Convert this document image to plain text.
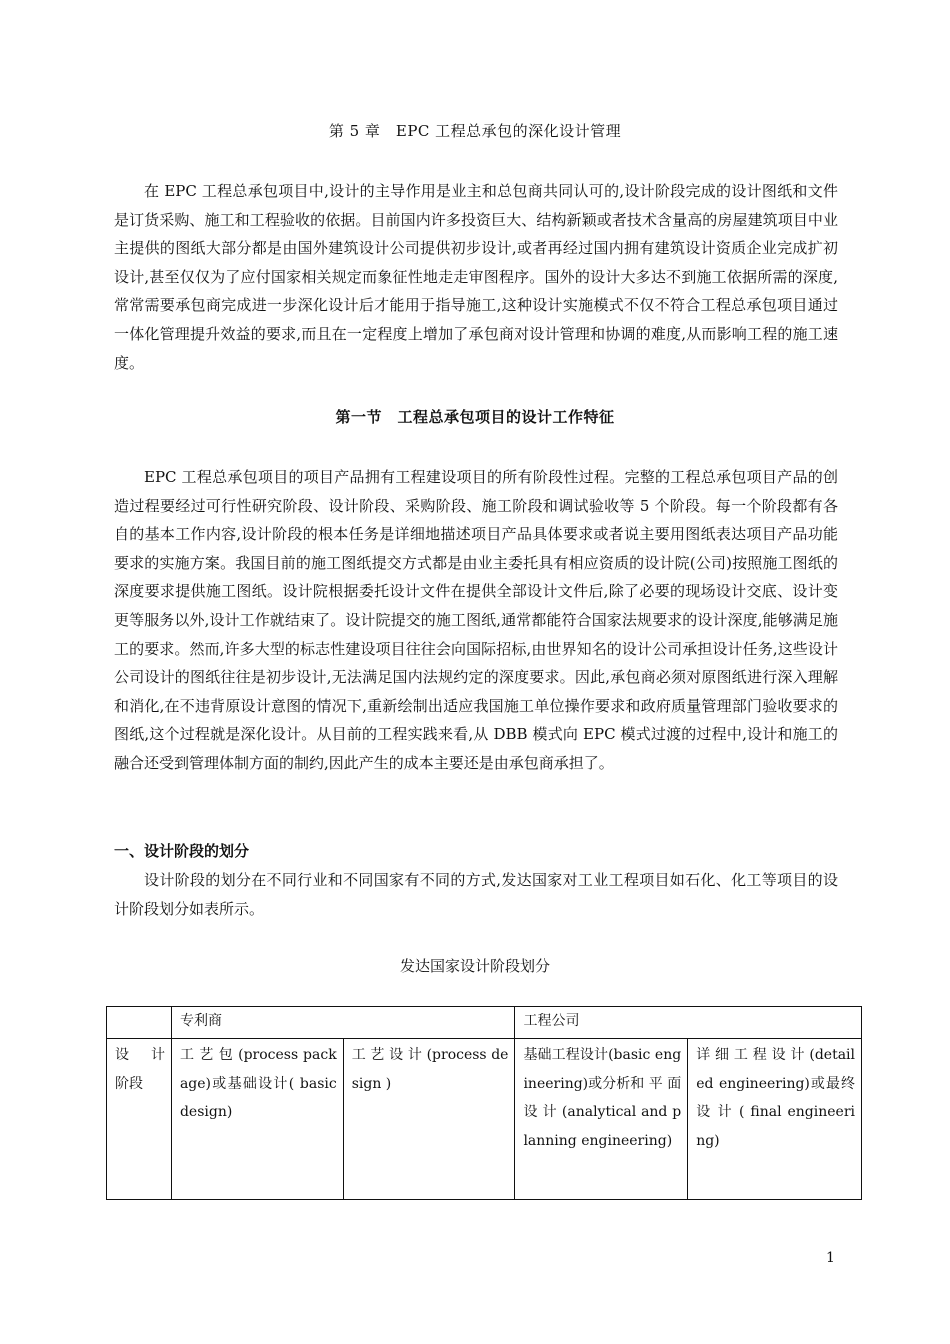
第 5 章　EPC 工程总承包的深化设计管理

在 EPC 工程总承包项目中,设计的主导作用是业主和总包商共同认可的,设计阶段完成的设计图纸和文件是订货采购、施工和工程验收的依据。目前国内许多投资巨大、结构新颖或者技术含量高的房屋建筑项目中业主提供的图纸大部分都是由国外建筑设计公司提供初步设计,或者再经过国内拥有建筑设计资质企业完成扩初设计,甚至仅仅为了应付国家相关规定而象征性地走走审图程序。国外的设计大多达不到施工依据所需的深度,常常需要承包商完成进一步深化设计后才能用于指导施工,这种设计实施模式不仅不符合工程总承包项目通过一体化管理提升效益的要求,而且在一定程度上增加了承包商对设计管理和协调的难度,从而影响工程的施工速度。

第一节　工程总承包项目的设计工作特征

EPC 工程总承包项目的项目产品拥有工程建设项目的所有阶段性过程。完整的工程总承包项目产品的创造过程要经过可行性研究阶段、设计阶段、采购阶段、施工阶段和调试验收等 5 个阶段。每一个阶段都有各自的基本工作内容,设计阶段的根本任务是详细地描述项目产品具体要求或者说主要用图纸表达项目产品功能要求的实施方案。我国目前的施工图纸提交方式都是由业主委托具有相应资质的设计院(公司)按照施工图纸的深度要求提供施工图纸。设计院根据委托设计文件在提供全部设计文件后,除了必要的现场设计交底、设计变更等服务以外,设计工作就结束了。设计院提交的施工图纸,通常都能符合国家法规要求的设计深度,能够满足施工的要求。然而,许多大型的标志性建设项目往往会向国际招标,由世界知名的设计公司承担设计任务,这些设计公司设计的图纸往往是初步设计,无法满足国内法规约定的深度要求。因此,承包商必须对原图纸进行深入理解和消化,在不违背原设计意图的情况下,重新绘制出适应我国施工单位操作要求和政府质量管理部门验收要求的图纸,这个过程就是深化设计。从目前的工程实践来看,从 DBB 模式向 EPC 模式过渡的过程中,设计和施工的融合还受到管理体制方面的制约,因此产生的成本主要还是由承包商承担了。

一、设计阶段的划分

设计阶段的划分在不同行业和不同国家有不同的方式,发达国家对工业工程项目如石化、化工等项目的设计阶段划分如表所示。

发达国家设计阶段划分
	专利商		工程公司	
设　计阶段	工 艺 包 (process package)或基础设计( basic design)	工 艺 设 计 (process design )	基础工程设计(basic engineering)或分析和 平 面 设 计 (analytical and planning engineering)	详 细 工 程 设 计 (detailed engineering)或最终 设 计 ( final engineering)
1
